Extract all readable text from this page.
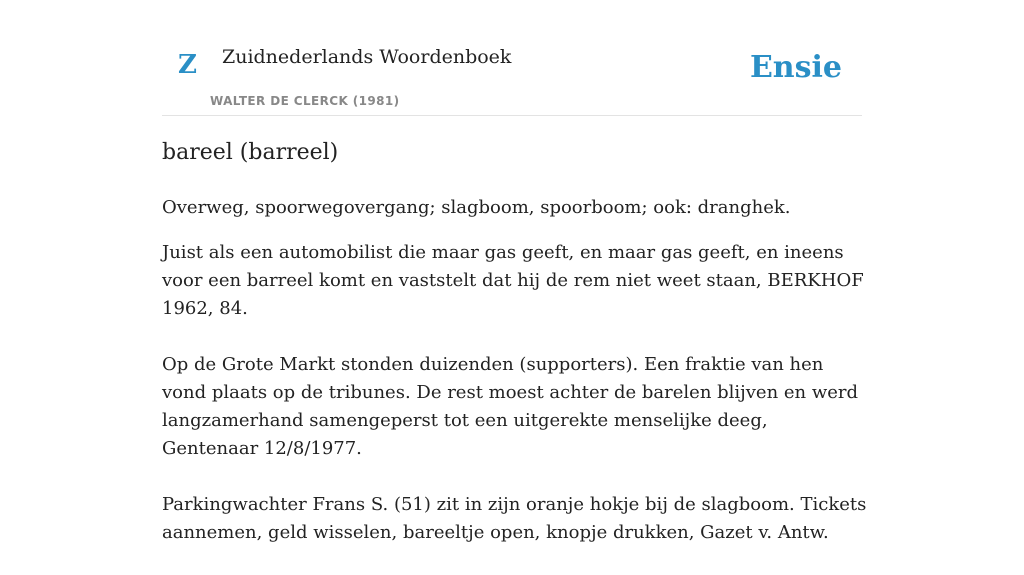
Z Zuidnederlands Woordenboek
WALTER DE CLERCK (1981)
Ensie
bareel (barreel)

Overweg, spoorwegovergang; slagboom, spoorboom; ook: dranghek.

Juist als een automobilist die maar gas geeft, en maar gas geeft, en ineens voor een barreel komt en vaststelt dat hij de rem niet weet staan, BERKHOF 1962, 84.

Op de Grote Markt stonden duizenden (supporters). Een fraktie van hen vond plaats op de tribunes. De rest moest achter de barelen blijven en werd langzamerhand samengeperst tot een uitgerekte menselijke deeg, Gentenaar 12/8/1977.

Parkingwachter Frans S. (51) zit in zijn oranje hokje bij de slagboom. Tickets aannemen, geld wisselen, bareeltje open, knopje drukken, Gazet v. Antw.
